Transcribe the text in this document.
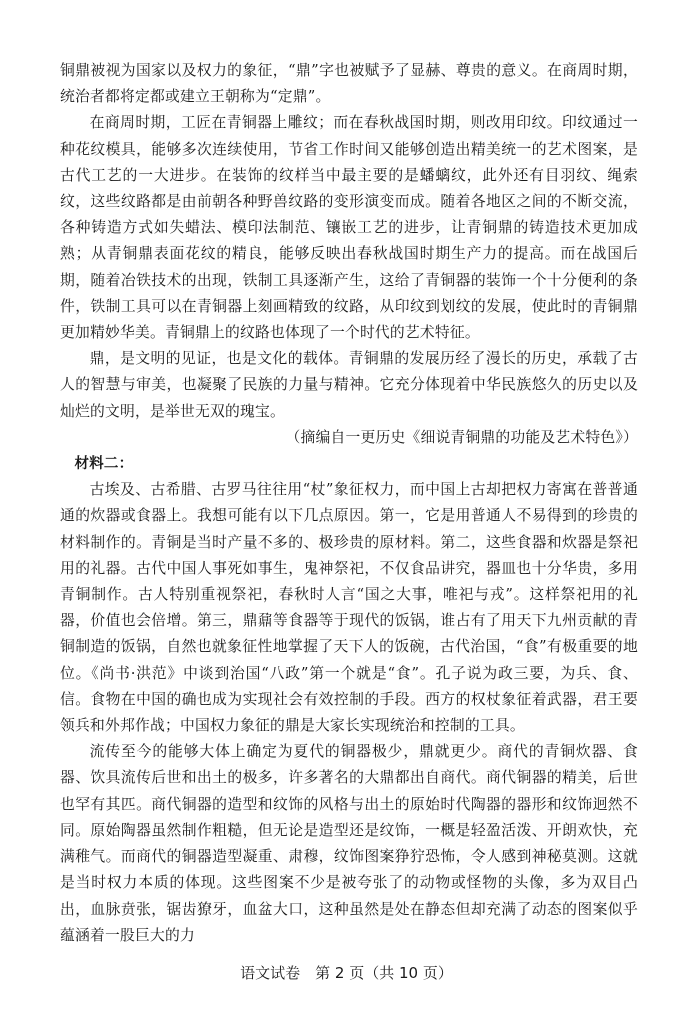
铜鼎被视为国家以及权力的象征，“鼎”字也被赋予了显赫、尊贵的意义。在商周时期，统治者都将定都或建立王朝称为“定鼎”。

在商周时期，工匠在青铜器上雕纹；而在春秋战国时期，则改用印纹。印纹通过一种花纹模具，能够多次连续使用，节省工作时间又能够创造出精美统一的艺术图案，是古代工艺的一大进步。在装饰的纹样当中最主要的是蟠螭纹，此外还有目羽纹、绳索纹，这些纹路都是由前朝各种野兽纹路的变形演变而成。随着各地区之间的不断交流，各种铸造方式如失蜡法、模印法制范、镶嵌工艺的进步，让青铜鼎的铸造技术更加成熟；从青铜鼎表面花纹的精良，能够反映出春秋战国时期生产力的提高。而在战国后期，随着冶铁技术的出现，铁制工具逐渐产生，这给了青铜器的装饰一个十分便利的条件，铁制工具可以在青铜器上刻画精致的纹路，从印纹到划纹的发展，使此时的青铜鼎更加精妙华美。青铜鼎上的纹路也体现了一个时代的艺术特征。

鼎，是文明的见证，也是文化的载体。青铜鼎的发展历经了漫长的历史，承载了古人的智慧与审美，也凝聚了民族的力量与精神。它充分体现着中华民族悠久的历史以及灿烂的文明，是举世无双的瑰宝。

（摘编自一更历史《细说青铜鼎的功能及艺术特色》）

材料二：

古埃及、古希腊、古罗马往往用“杖”象征权力，而中国上古却把权力寄寓在普普通通的炊器或食器上。我想可能有以下几点原因。第一，它是用普通人不易得到的珍贵的材料制作的。青铜是当时产量不多的、极珍贵的原材料。第二，这些食器和炊器是祭祀用的礼器。古代中国人事死如事生，鬼神祭祀，不仅食品讲究，器皿也十分华贵，多用青铜制作。古人特别重视祭祀，春秋时人言“国之大事，唯祀与戎”。这样祭祀用的礼器，价值也会倍增。第三，鼎鼐等食器等于现代的饭锅，谁占有了用天下九州贡献的青铜制造的饭锅，自然也就象征性地掌握了天下人的饭碗，古代治国，“食”有极重要的地位。《尚书·洪范》中谈到治国“八政”第一个就是“食”。孔子说为政三要，为兵、食、信。食物在中国的确也成为实现社会有效控制的手段。西方的权杖象征着武器，君王要领兵和外邦作战；中国权力象征的鼎是大家长实现统治和控制的工具。

流传至今的能够大体上确定为夏代的铜器极少，鼎就更少。商代的青铜炊器、食器、饮具流传后世和出土的极多，许多著名的大鼎都出自商代。商代铜器的精美，后世也罕有其匹。商代铜器的造型和纹饰的风格与出土的原始时代陶器的器形和纹饰迥然不同。原始陶器虽然制作粗糙，但无论是造型还是纹饰，一概是轻盈活泼、开朗欢快，充满稚气。而商代的铜器造型凝重、肃穆，纹饰图案狰狞恐怖，令人感到神秘莫测。这就是当时权力本质的体现。这些图案不少是被夸张了的动物或怪物的头像，多为双目凸出，血脉贲张，锯齿獠牙，血盆大口，这种虽然是处在静态但却充满了动态的图案似乎蕴涵着一股巨大的力

语文试卷　第 2 页（共 10 页）
